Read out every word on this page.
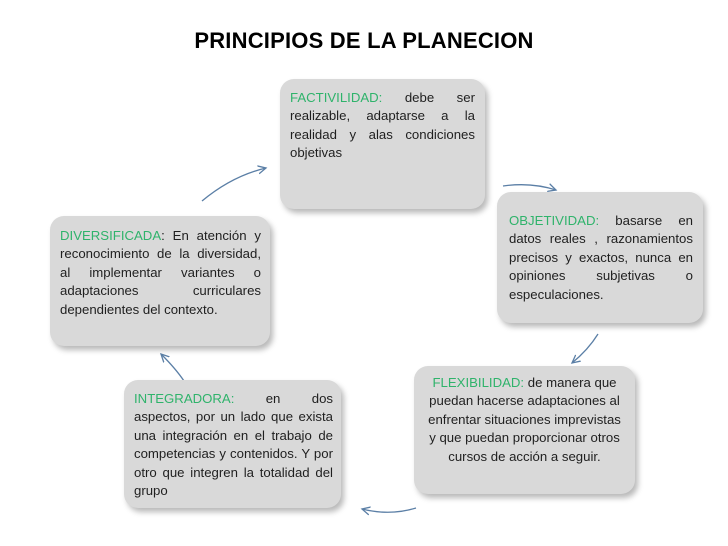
PRINCIPIOS DE LA PLANECION
FACTIVILIDAD: debe ser realizable, adaptarse a la realidad y alas condiciones objetivas
OBJETIVIDAD: basarse en datos reales , razonamientos precisos y exactos, nunca en opiniones subjetivas o especulaciones.
FLEXIBILIDAD: de manera que puedan hacerse adaptaciones al enfrentar situaciones imprevistas y que puedan proporcionar otros cursos de acción a seguir.
INTEGRADORA: en dos aspectos, por un lado que exista una integración en el trabajo de competencias y contenidos. Y por otro que integren la totalidad del grupo
DIVERSIFICADA: En atención y reconocimiento de la diversidad, al implementar variantes o adaptaciones curriculares dependientes del contexto.
